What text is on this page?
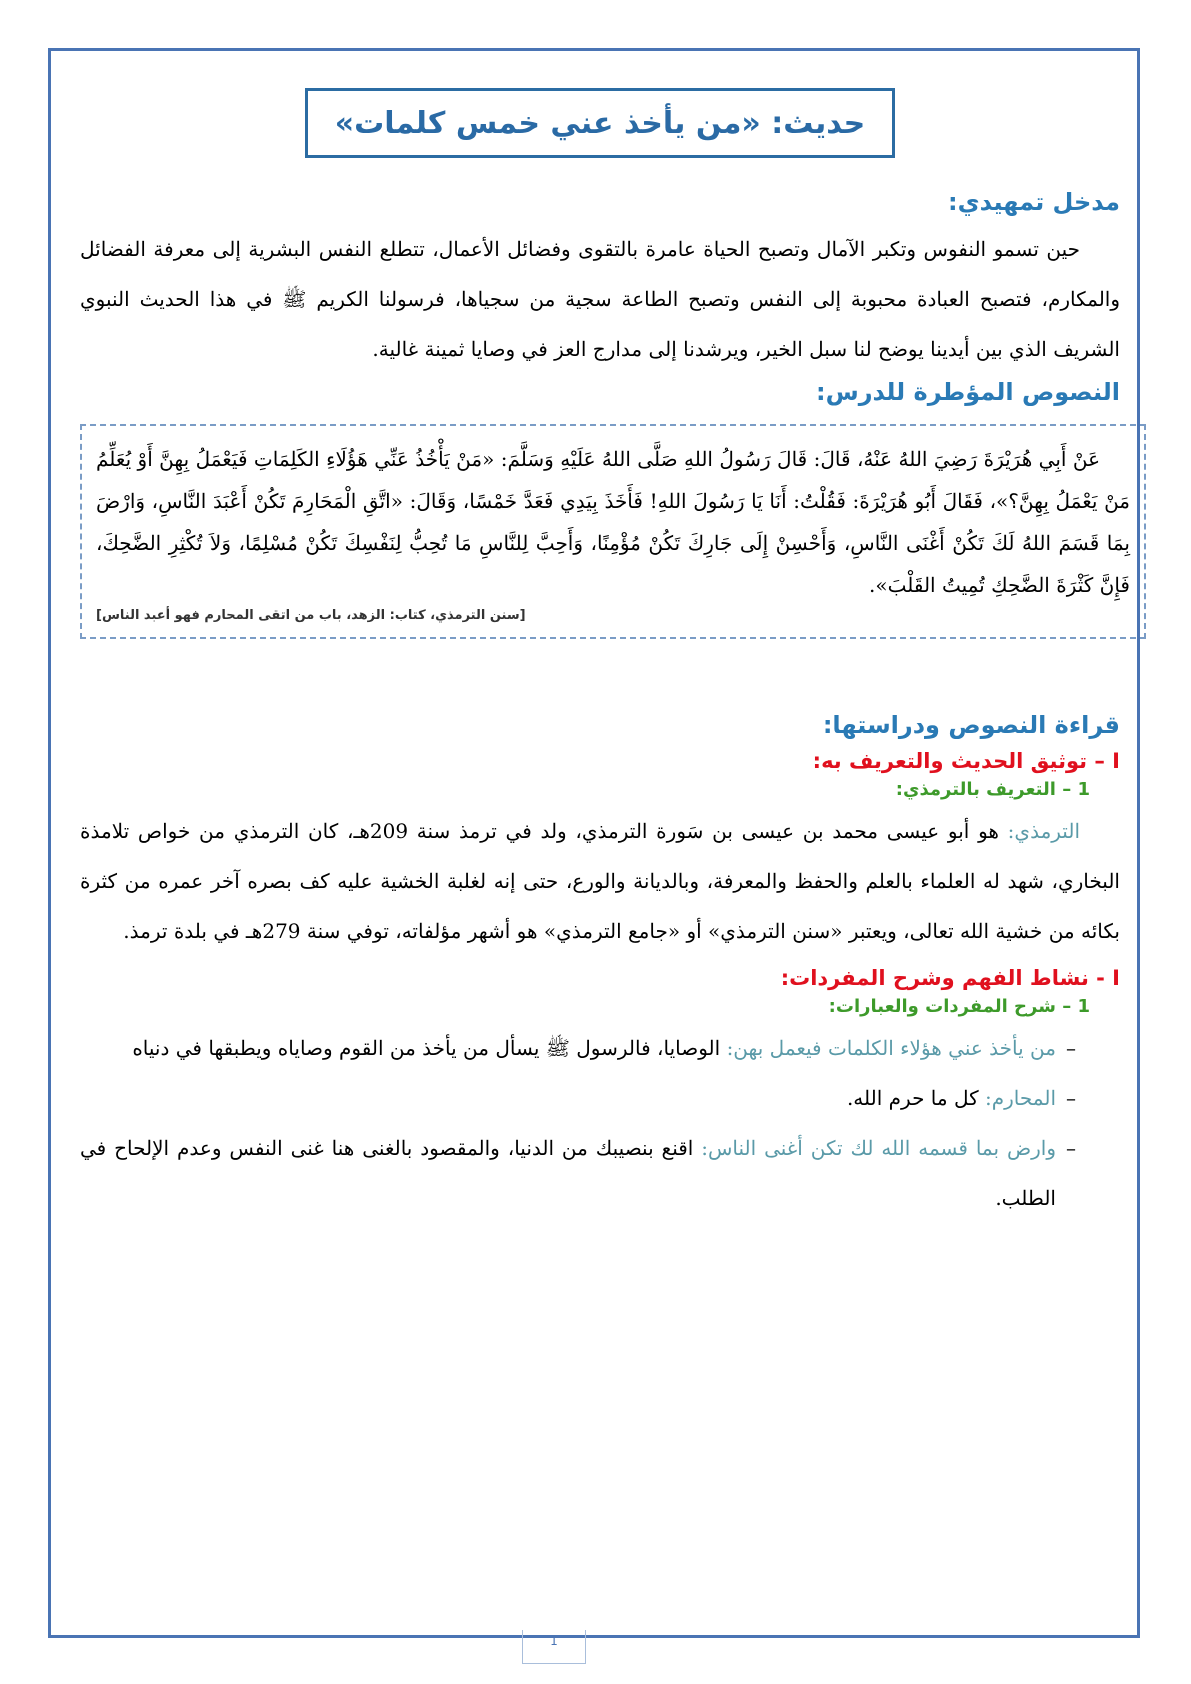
حديث: «من يأخذ عني خمس كلمات»
مدخل تمهيدي:

حين تسمو النفوس وتكبر الآمال وتصبح الحياة عامرة بالتقوى وفضائل الأعمال، تتطلع النفس البشرية إلى معرفة الفضائل والمكارم، فتصبح العبادة محبوبة إلى النفس وتصبح الطاعة سجية من سجياها، فرسولنا الكريم ﷺ في هذا الحديث النبوي الشريف الذي بين أيدينا يوضح لنا سبل الخير، ويرشدنا إلى مدارج العز في وصايا ثمينة غالية.

النصوص المؤطرة للدرس:

عَنْ أَبِي هُرَيْرَةَ رَضِيَ اللهُ عَنْهُ، قَالَ: قَالَ رَسُولُ اللهِ صَلَّى اللهُ عَلَيْهِ وَسَلَّمَ: «مَنْ يَأْخُذُ عَنِّي هَؤُلَاءِ الكَلِمَاتِ فَيَعْمَلُ بِهِنَّ أَوْ يُعَلِّمُ مَنْ يَعْمَلُ بِهِنَّ؟»، فَقَالَ أَبُو هُرَيْرَةَ: فَقُلْتُ: أَنَا يَا رَسُولَ اللهِ! فَأَخَذَ بِيَدِي فَعَدَّ خَمْسًا، وَقَالَ: «اتَّقِ الْمَحَارِمَ تَكُنْ أَعْبَدَ النَّاسِ، وَارْضَ بِمَا قَسَمَ اللهُ لَكَ تَكُنْ أَغْنَى النَّاسِ، وَأَحْسِنْ إِلَى جَارِكَ تَكُنْ مُؤْمِنًا، وَأَحِبَّ لِلنَّاسِ مَا تُحِبُّ لِنَفْسِكَ تَكُنْ مُسْلِمًا، وَلاَ تُكْثِرِ الضَّحِكَ، فَإِنَّ كَثْرَةَ الضَّحِكِ تُمِيتُ القَلْبَ».

[سنن الترمذي، كتاب: الزهد، باب من اتقى المحارم فهو أعبد الناس]
قراءة النصوص ودراستها:
I – توثيق الحديث والتعريف به:
1 – التعريف بالترمذي:

الترمذي: هو أبو عيسى محمد بن عيسى بن سَورة الترمذي، ولد في ترمذ سنة 209هـ، كان الترمذي من خواص تلامذة البخاري، شهد له العلماء بالعلم والحفظ والمعرفة، وبالديانة والورع، حتى إنه لغلبة الخشية عليه كف بصره آخر عمره من كثرة بكائه من خشية الله تعالى، ويعتبر «سنن الترمذي» أو «جامع الترمذي» هو أشهر مؤلفاته، توفي سنة 279هـ في بلدة ترمذ.

I - نشاط الفهم وشرح المفردات:
1 – شرح المفردات والعبارات:
–

من يأخذ عني هؤلاء الكلمات فيعمل بهن: الوصايا، فالرسول ﷺ يسأل من يأخذ من القوم وصاياه ويطبقها في دنياه

–

المحارم: كل ما حرم الله.

–

وارض بما قسمه الله لك تكن أغنى الناس: اقنع بنصيبك من الدنيا، والمقصود بالغنى هنا غنى النفس وعدم الإلحاح في الطلب.

1
